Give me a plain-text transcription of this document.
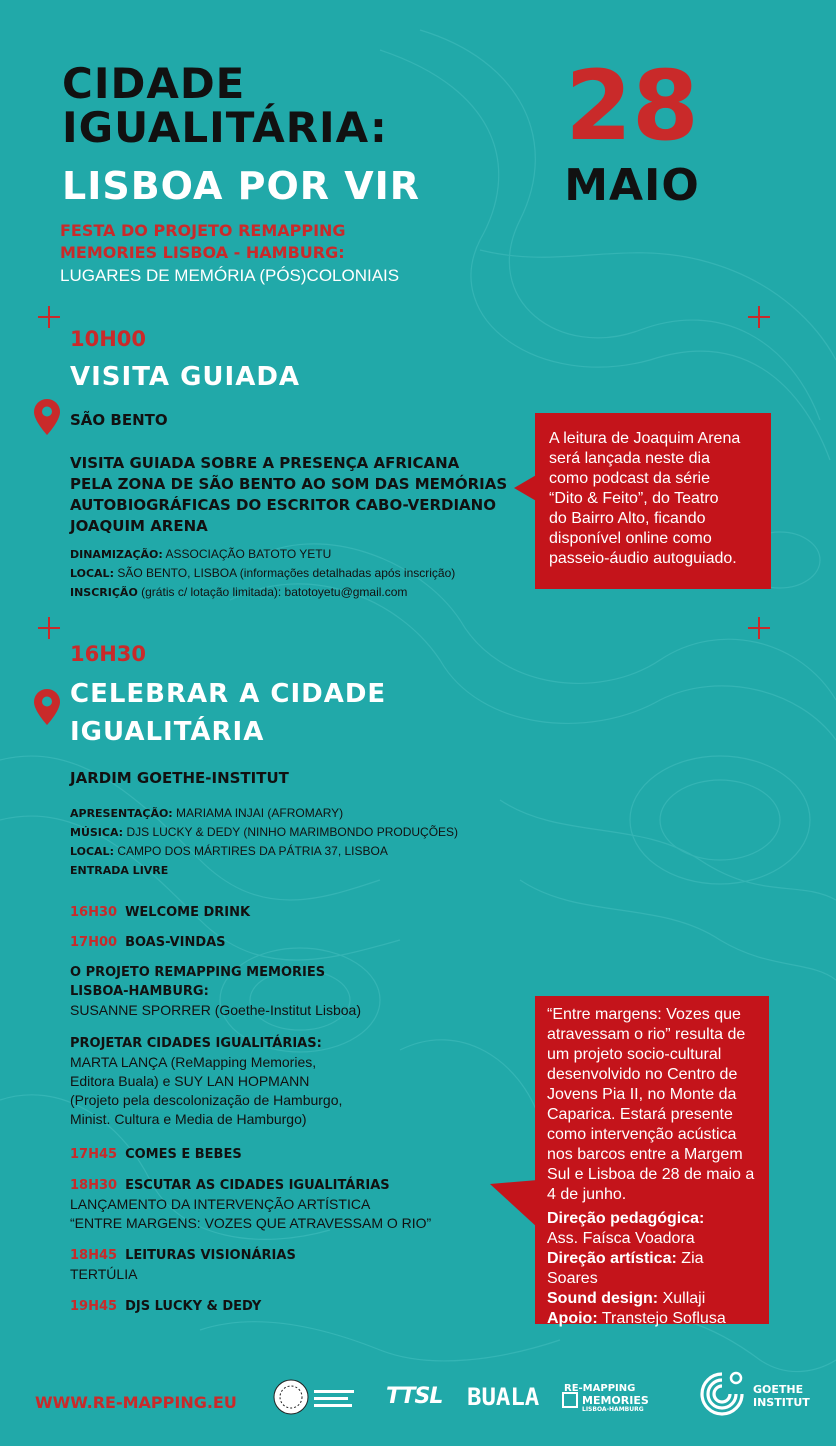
CIDADE
IGUALITÁRIA:
LISBOA POR VIR
28
MAIO
FESTA DO PROJETO REMAPPING
MEMORIES LISBOA - HAMBURG:
LUGARES DE MEMÓRIA (PÓS)COLONIAIS
10H00
VISITA GUIADA
SÃO BENTO
VISITA GUIADA SOBRE A PRESENÇA AFRICANA
PELA ZONA DE SÃO BENTO AO SOM DAS MEMÓRIAS
AUTOBIOGRÁFICAS DO ESCRITOR CABO-VERDIANO
JOAQUIM ARENA
DINAMIZAÇÃO: ASSOCIAÇÃO BATOTO YETU
LOCAL: SÃO BENTO, LISBOA (informações detalhadas após inscrição)
INSCRIÇÃO (grátis c/ lotação limitada): batotoyetu@gmail.com
A leitura de Joaquim Arena
será lançada neste dia
como podcast da série
“Dito & Feito”, do Teatro
do Bairro Alto, ficando
disponível online como
passeio-áudio autoguiado.
16H30
CELEBRAR A CIDADE
IGUALITÁRIA
JARDIM GOETHE-INSTITUT
APRESENTAÇÃO: MARIAMA INJAI (AFROMARY)
MÚSICA: DJS LUCKY & DEDY (NINHO MARIMBONDO PRODUÇÕES)
LOCAL: CAMPO DOS MÁRTIRES DA PÁTRIA 37, LISBOA
ENTRADA LIVRE
16H30 WELCOME DRINK
17H00 BOAS-VINDAS
O PROJETO REMAPPING MEMORIES
LISBOA-HAMBURG:
SUSANNE SPORRER (Goethe-Institut Lisboa)
PROJETAR CIDADES IGUALITÁRIAS:
MARTA LANÇA (ReMapping Memories,
Editora Buala) e SUY LAN HOPMANN
(Projeto pela descolonização de Hamburgo,
Minist. Cultura e Media de Hamburgo)
17H45 COMES E BEBES
18H30 ESCUTAR AS CIDADES IGUALITÁRIAS
LANÇAMENTO DA INTERVENÇÃO ARTÍSTICA
“ENTRE MARGENS: VOZES QUE ATRAVESSAM O RIO”
18H45 LEITURAS VISIONÁRIAS
TERTÚLIA
19H45 DJS LUCKY & DEDY
“Entre margens: Vozes que
atravessam o rio” resulta de
um projeto socio-cultural
desenvolvido no Centro de
Jovens Pia II, no Monte da
Caparica. Estará presente
como intervenção acústica
nos barcos entre a Margem
Sul e Lisboa de 28 de maio a
4 de junho.
Direção pedagógica:
Ass. Faísca Voadora
Direção artística: Zia Soares
Sound design: Xullaji
Apoio: Transtejo Soflusa
WWW.RE-MAPPING.EU	TTSL BUALA RE-MAPPING
MEMORIES
LISBOA-HAMBURG
GOETHE
INSTITUT
